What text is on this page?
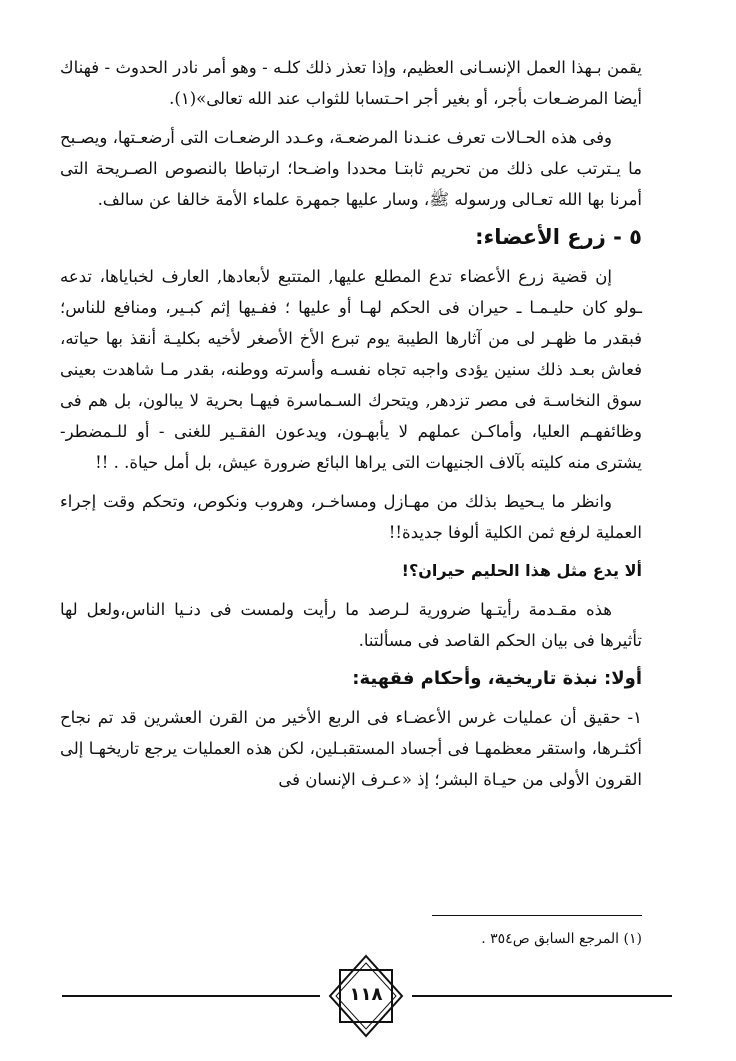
يقمن بـهذا العمل الإنسـانى العظيم، وإذا تعذر ذلك كلـه - وهو أمر نادر الحدوث - فهناك أيضا المرضـعات بأجر، أو بغير أجر احـتسابا للثواب عند الله تعالى»(١).

وفى هذه الحـالات تعرف عنـدنا المرضعـة، وعـدد الرضعـات التى أرضعـتها، ويصـبح ما يـترتب على ذلك من تحريم ثابتـا محددا واضـحا؛ ارتباطا بالنصوص الصـريحة التى أمرنا بها الله تعـالى ورسوله ﷺ، وسار عليها جمهرة علماء الأمة خالفا عن سالف.

٥ - زرع الأعضاء:

إن قضية زرع الأعضاء تدع المطلع عليها, المتتبع لأبعادها, العارف لخباياها، تدعه ـولو كان حليـمـا ـ حيران فى الحكم لهـا أو عليها ؛ ففـيها إثم كبـير، ومنافع للناس؛ فبقدر ما ظهـر لى من آثارها الطيبة يوم تبرع الأخ الأصغر لأخيه بكليـة أنقذ بها حياته، فعاش بعـد ذلك سنين يؤدى واجبه تجاه نفسـه وأسرته ووطنه، بقدر مـا شاهدت بعينى سوق النخاسـة فى مصر تزدهر, ويتحرك السـماسرة فيهـا بحرية لا يبالون، بل هم فى وظائفهـم العليا، وأماكـن عملهم لا يأبهـون، ويدعون الفقـير للغنى - أو للـمضطر- يشترى منه كليته بآلاف الجنيهات التى يراها البائع ضرورة عيش، بل أمل حياة. . !!

وانظر ما يـحيط بذلك من مهـازل ومساخـر، وهروب ونكوص، وتحكم وقت إجراء العملية لرفع ثمن الكلية ألوفا جديدة!!

ألا يدع مثل هذا الحليم حيران؟!

هذه مقـدمة رأيتـها ضرورية لـرصد ما رأيت ولمست فى دنـيا الناس،ولعل لها تأثيرها فى بيان الحكم القاصد فى مسألتنا.

أولا: نبذة تاريخية، وأحكام فقهية:

١- حقيق أن عمليات غرس الأعضـاء فى الربع الأخير من القرن العشرين قد تم نجاح أكثـرها، واستقر معظمهـا فى أجساد المستقبـلين، لكن هذه العمليات يرجع تاريخهـا إلى القرون الأولى من حيـاة البشر؛ إذ «عـرف الإنسان فى

(١) المرجع السابق ص٣٥٤ .
١١٨
